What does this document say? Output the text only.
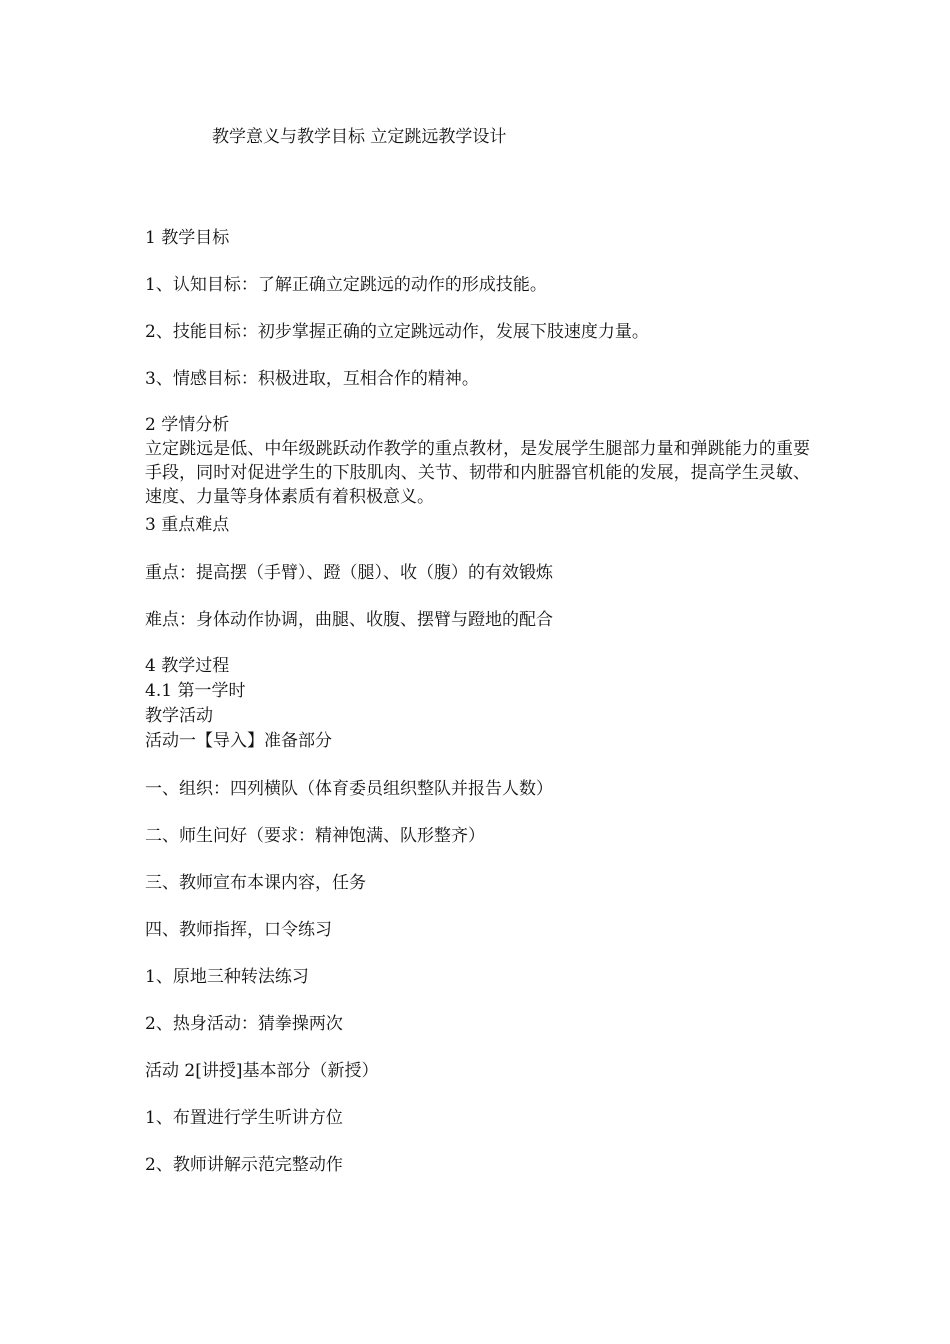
教学意义与教学目标 立定跳远教学设计
1 教学目标
1、认知目标：了解正确立定跳远的动作的形成技能。
2、技能目标：初步掌握正确的立定跳远动作，发展下肢速度力量。
3、情感目标：积极进取，互相合作的精神。
2 学情分析
立定跳远是低、中年级跳跃动作教学的重点教材，是发展学生腿部力量和弹跳能力的重要手段，同时对促进学生的下肢肌肉、关节、韧带和内脏器官机能的发展，提高学生灵敏、速度、力量等身体素质有着积极意义。
3 重点难点
重点：提高摆（手臂）、蹬（腿）、收（腹）的有效锻炼
难点：身体动作协调，曲腿、收腹、摆臂与蹬地的配合
4 教学过程
4.1 第一学时
教学活动
活动一【导入】准备部分
一、组织：四列横队（体育委员组织整队并报告人数）
二、师生问好（要求：精神饱满、队形整齐）
三、教师宣布本课内容，任务
四、教师指挥，口令练习
1、原地三种转法练习
2、热身活动：猜拳操两次
活动 2[讲授]基本部分（新授）
1、布置进行学生听讲方位
2、教师讲解示范完整动作
